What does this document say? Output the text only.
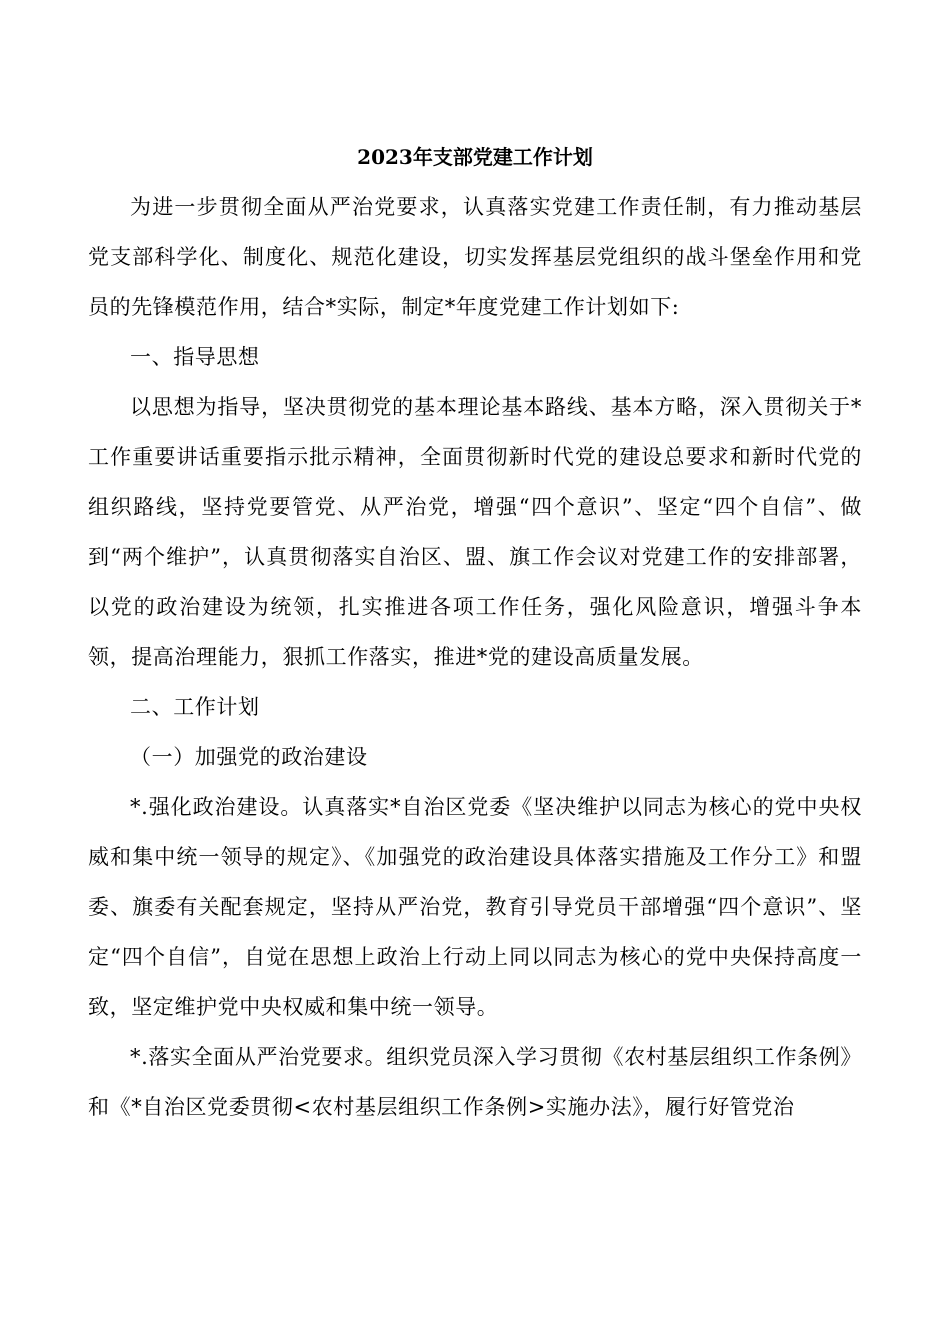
2023年支部党建工作计划

为进一步贯彻全面从严治党要求，认真落实党建工作责任制，有力推动基层党支部科学化、制度化、规范化建设，切实发挥基层党组织的战斗堡垒作用和党员的先锋模范作用，结合*实际，制定*年度党建工作计划如下:

一、指导思想

以思想为指导，坚决贯彻党的基本理论基本路线、基本方略，深入贯彻关于*工作重要讲话重要指示批示精神，全面贯彻新时代党的建设总要求和新时代党的组织路线，坚持党要管党、从严治党，增强“四个意识”、坚定“四个自信”、做到“两个维护”，认真贯彻落实自治区、盟、旗工作会议对党建工作的安排部署，以党的政治建设为统领，扎实推进各项工作任务，强化风险意识，增强斗争本领，提高治理能力，狠抓工作落实，推进*党的建设高质量发展。

二、工作计划

（一）加强党的政治建设

*.强化政治建设。认真落实*自治区党委《坚决维护以同志为核心的党中央权威和集中统一领导的规定》、《加强党的政治建设具体落实措施及工作分工》和盟委、旗委有关配套规定，坚持从严治党，教育引导党员干部增强“四个意识”、坚定“四个自信”，自觉在思想上政治上行动上同以同志为核心的党中央保持高度一致，坚定维护党中央权威和集中统一领导。

*.落实全面从严治党要求。组织党员深入学习贯彻《农村基层组织工作条例》和《*自治区党委贯彻<农村基层组织工作条例>实施办法》，履行好管党治
